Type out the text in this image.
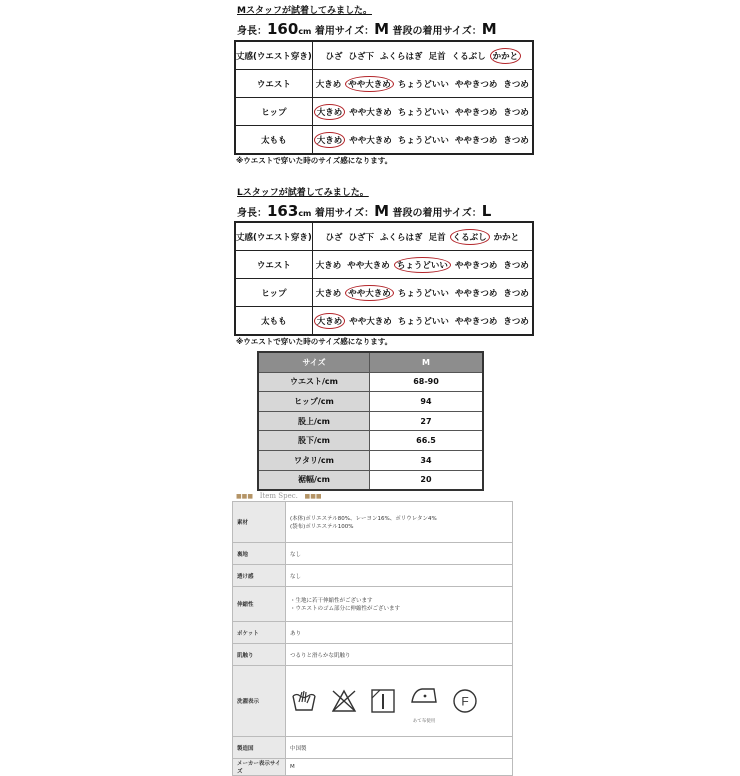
Mスタッフが試着してみました。
身長：160cm 着用サイズ：M 普段の着用サイズ：M
丈感(ウエスト穿き)	ひざ ひざ下 ふくらはぎ 足首 くるぶし かかと
ウエスト	大きめ やや大きめ ちょうどいい ややきつめ きつめ
ヒップ	大きめ やや大きめ ちょうどいい ややきつめ きつめ
太もも	大きめ やや大きめ ちょうどいい ややきつめ きつめ
※ウエストで穿いた時のサイズ感になります。
Lスタッフが試着してみました。
身長：163cm 着用サイズ：M 普段の着用サイズ：L
丈感(ウエスト穿き)	ひざ ひざ下 ふくらはぎ 足首 くるぶし かかと
ウエスト	大きめ やや大きめ ちょうどいい ややきつめ きつめ
ヒップ	大きめ やや大きめ ちょうどいい ややきつめ きつめ
太もも	大きめ やや大きめ ちょうどいい ややきつめ きつめ
※ウエストで穿いた時のサイズ感になります。
サイズ	M
ウエスト/cm	68-90
ヒップ/cm	94
股上/cm	27
股下/cm	66.5
ワタリ/cm	34
裾幅/cm	20
■■■ Item Spec. ■■■
素材	(本体)ポリエステル80%、レーヨン16%、ポリウレタン4%
(袋布)ポリエステル100%
裏地	なし
透け感	なし
伸縮性	・生地に若干伸縮性がございます
・ウエストのゴム部分に伸縮性がございます
ポケット	あり
肌触り	つるりと滑らかな肌触り
洗濯表示	あて布使用

F

製造国	中国製
メーカー表示サイズ	M
